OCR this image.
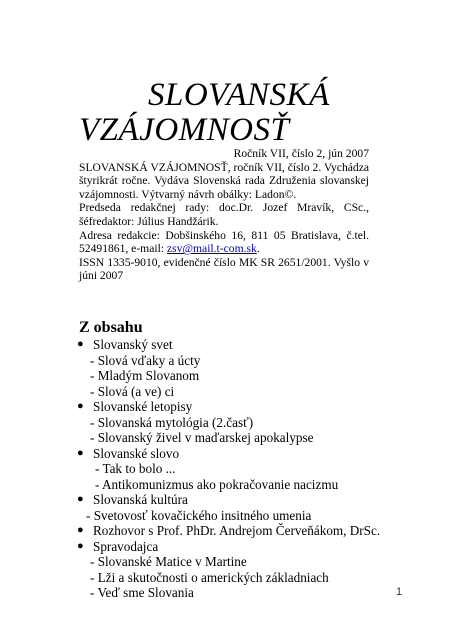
SLOVANSKÁ
VZÁJOMNOSŤ
Ročník VII, číslo 2, jún 2007

SLOVANSKÁ VZÁJOMNOSŤ, ročník VII, číslo 2. Vychádza štyrikrát ročne. Vydáva Slovenská rada Združenia slovanskej vzájomnosti. Výtvarný návrh obálky: Ladon©.

Predseda redakčnej rady: doc.Dr. Jozef Mravík, CSc., šéfredaktor: Július Handžárik.

Adresa redakcie: Dobšinského 16, 811 05 Bratislava, č.tel. 52491861, e-mail: zsv@mail.t-com.sk.

ISSN 1335-9010, evidenčné číslo MK SR 2651/2001. Vyšlo v júni 2007

Z obsahu
● Slovanský svet
- Slová vďaky a úcty
- Mladým Slovanom
- Slová (a ve) ci
● Slovanské letopisy
- Slovanská mytológia (2.časť)
- Slovanský živel v maďarskej apokalypse
● Slovanské slovo
- Tak to bolo ...
- Antikomunizmus ako pokračovanie nacizmu
● Slovanská kultúra
- Svetovosť kovačického insitného umenia
● Rozhovor s Prof. PhDr. Andrejom Červeňákom, DrSc.
● Spravodajca
- Slovanské Matice v Martine
- Lži a skutočnosti o amerických základniach
- Veď sme Slovania	1
